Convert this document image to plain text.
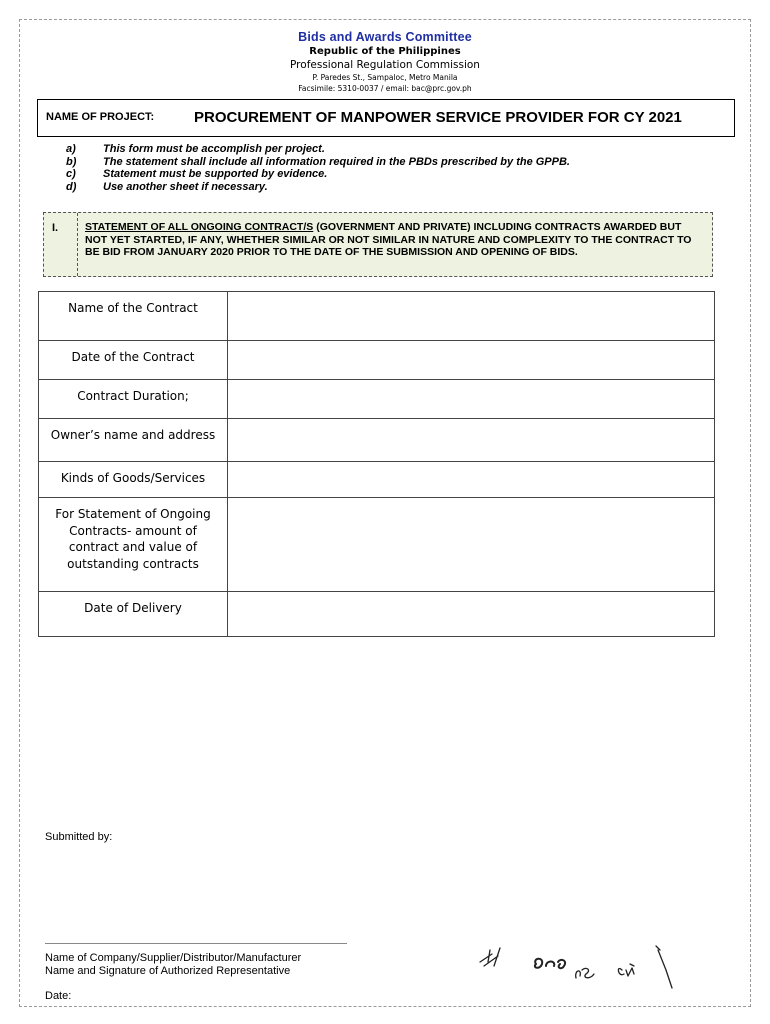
Bids and Awards Committee
Republic of the Philippines
Professional Regulation Commission
P. Paredes St., Sampaloc, Metro Manila
Facsimile: 5310-0037 / email: bac@prc.gov.ph
NAME OF PROJECT:	PROCUREMENT OF MANPOWER SERVICE PROVIDER FOR CY 2021
a) This form must be accomplish per project.
b) The statement shall include all information required in the PBDs prescribed by the GPPB.
c) Statement must be supported by evidence.
d) Use another sheet if necessary.
I.	STATEMENT OF ALL ONGOING CONTRACT/S (GOVERNMENT AND PRIVATE) INCLUDING CONTRACTS AWARDED BUT NOT YET STARTED, IF ANY, WHETHER SIMILAR OR NOT SIMILAR IN NATURE AND COMPLEXITY TO THE CONTRACT TO BE BID FROM JANUARY 2020 PRIOR TO THE DATE OF THE SUBMISSION AND OPENING OF BIDS.
Name of the Contract	
Date of the Contract	
Contract Duration;	
Owner’s name and address	
Kinds of Goods/Services	
For Statement of Ongoing Contracts- amount of contract and value of outstanding contracts	
Date of Delivery	
Submitted by:
Name of Company/Supplier/Distributor/Manufacturer
Name and Signature of Authorized Representative
Date:
